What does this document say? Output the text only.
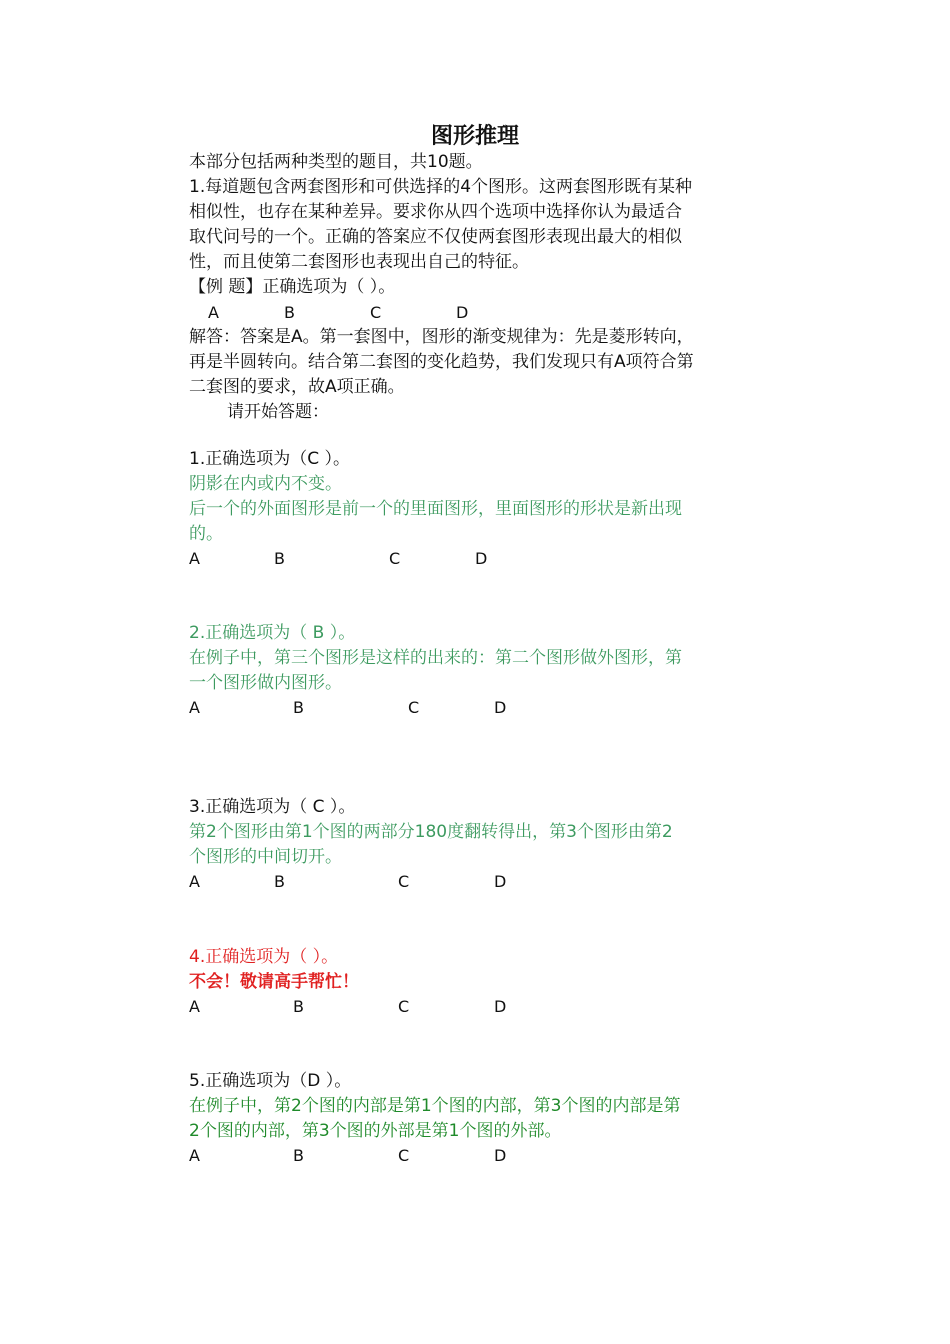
图形推理
本部分包括两种类型的题目，共10题。
1.每道题包含两套图形和可供选择的4个图形。这两套图形既有某种
相似性，也存在某种差异。要求你从四个选项中选择你认为最适合
取代问号的一个。正确的答案应不仅使两套图形表现出最大的相似
性，而且使第二套图形也表现出自己的特征。
【例 题】正确选项为（ ）。
A	B	C	D
解答：答案是A。第一套图中，图形的渐变规律为：先是菱形转向，
再是半圆转向。结合第二套图的变化趋势，我们发现只有A项符合第
二套图的要求，故A项正确。
请开始答题：
1.正确选项为（C ）。
阴影在内或内不变。
后一个的外面图形是前一个的里面图形，里面图形的形状是新出现
的。
A	B	C	D
2.正确选项为（ B ）。
在例子中，第三个图形是这样的出来的：第二个图形做外图形，第
一个图形做内图形。
A	B	C	D
3.正确选项为（ C ）。
第2个图形由第1个图的两部分180度翻转得出，第3个图形由第2
个图形的中间切开。
A	B	C	D
4.正确选项为（ ）。
不会！敬请高手帮忙！
A	B	C	D
5.正确选项为（D ）。
在例子中，第2个图的内部是第1个图的内部，第3个图的内部是第
2个图的内部，第3个图的外部是第1个图的外部。
A	B	C	D
